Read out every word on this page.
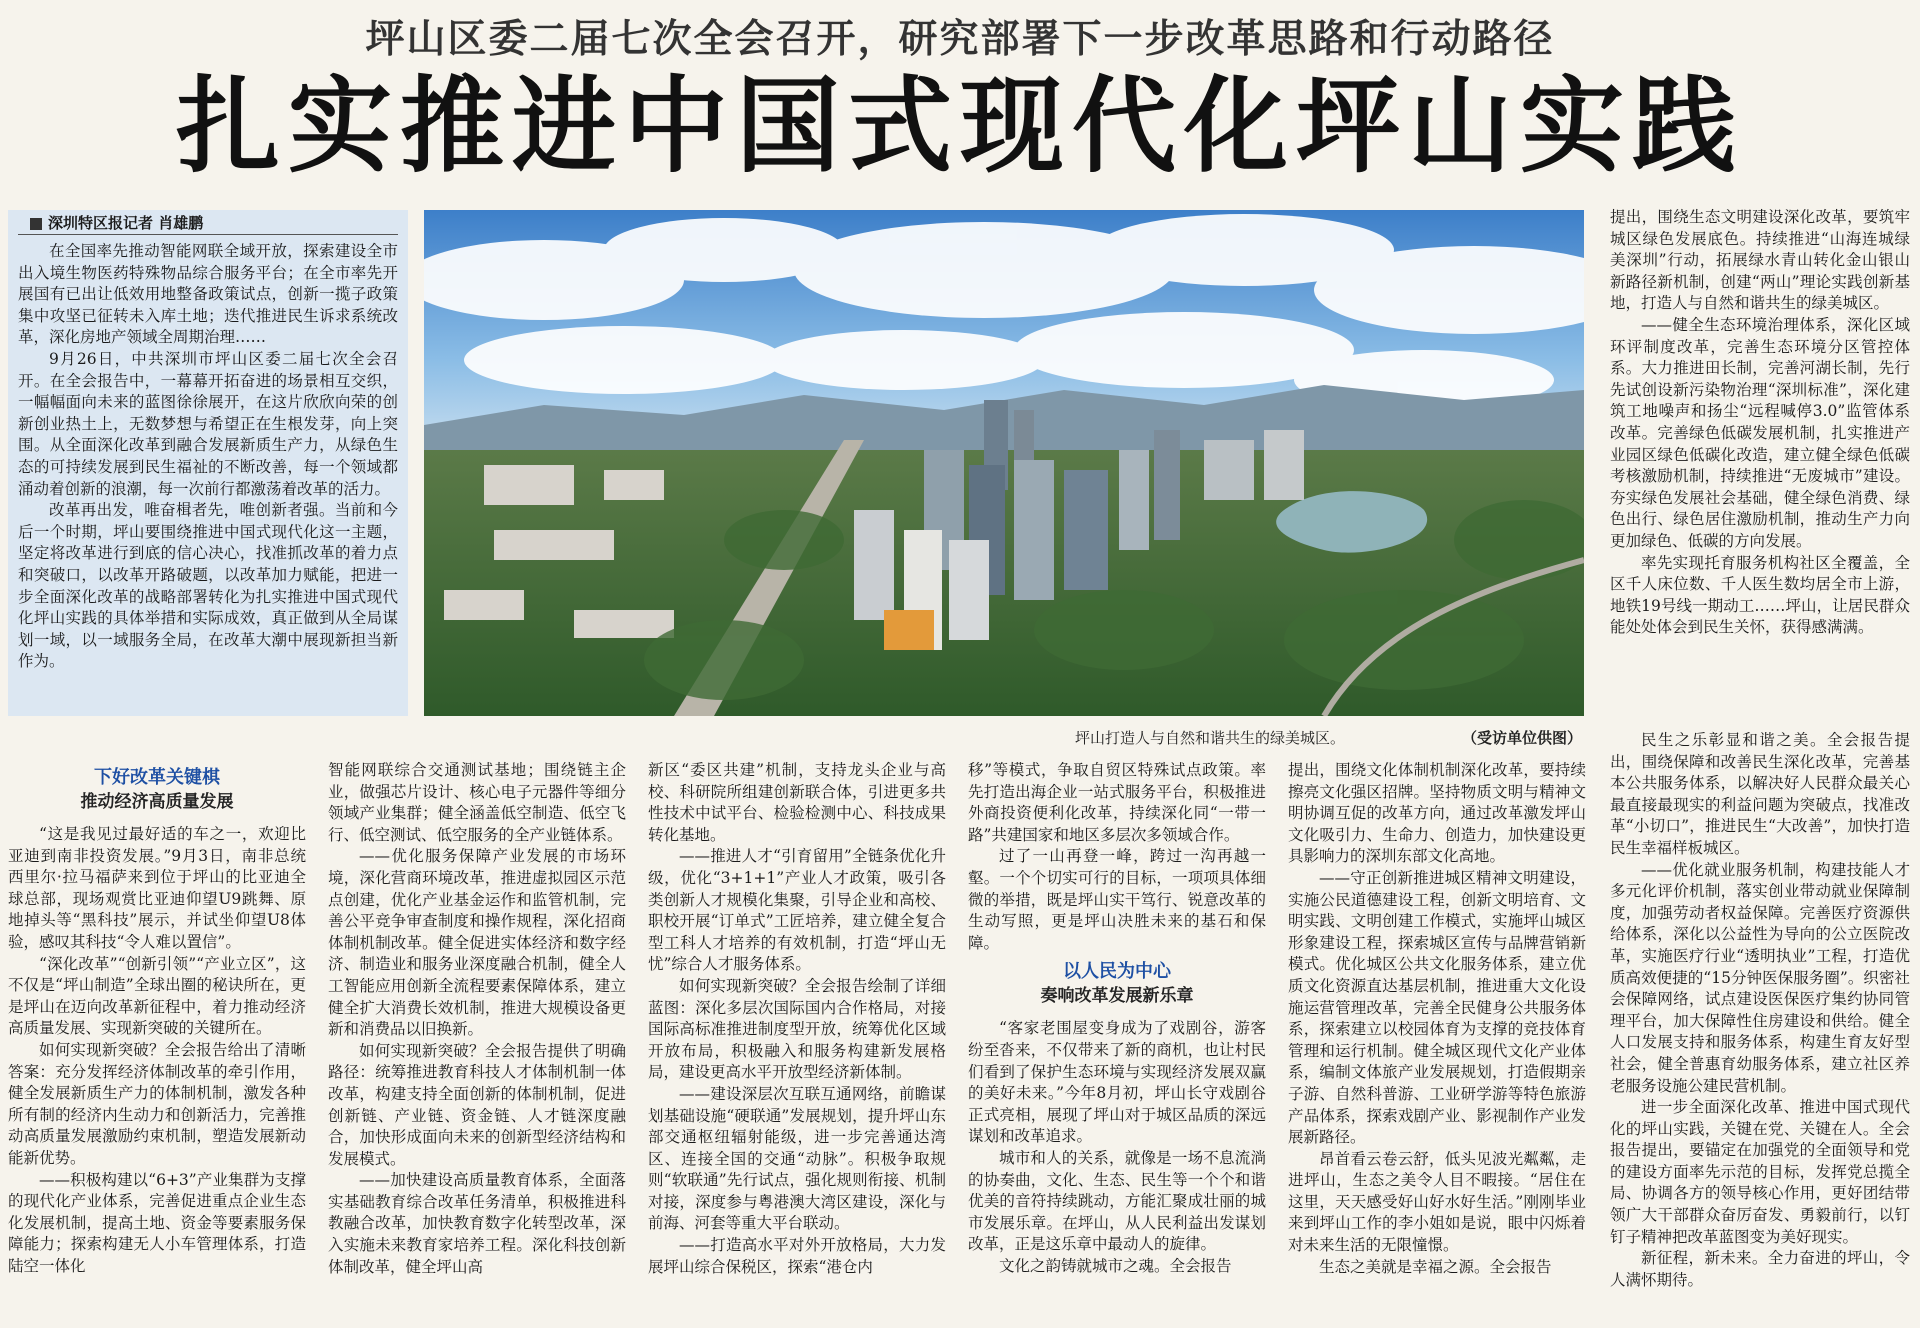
坪山区委二届七次全会召开，研究部署下一步改革思路和行动路径
扎实推进中国式现代化坪山实践
深圳特区报记者 肖雄鹏

在全国率先推动智能网联全域开放，探索建设全市出入境生物医药特殊物品综合服务平台；在全市率先开展国有已出让低效用地整备政策试点，创新一揽子政策集中攻坚已征转未入库土地；迭代推进民生诉求系统改革，深化房地产领域全周期治理……

9月26日，中共深圳市坪山区委二届七次全会召开。在全会报告中，一幕幕开拓奋进的场景相互交织，一幅幅面向未来的蓝图徐徐展开，在这片欣欣向荣的创新创业热土上，无数梦想与希望正在生根发芽，向上突围。从全面深化改革到融合发展新质生产力，从绿色生态的可持续发展到民生福祉的不断改善，每一个领域都涌动着创新的浪潮，每一次前行都激荡着改革的活力。

改革再出发，唯奋楫者先，唯创新者强。当前和今后一个时期，坪山要围绕推进中国式现代化这一主题，坚定将改革进行到底的信心决心，找准抓改革的着力点和突破口，以改革开路破题，以改革加力赋能，把进一步全面深化改革的战略部署转化为扎实推进中国式现代化坪山实践的具体举措和实际成效，真正做到从全局谋划一域，以一域服务全局，在改革大潮中展现新担当新作为。

坪山打造人与自然和谐共生的绿美城区。	（受访单位供图）

提出，围绕生态文明建设深化改革，要筑牢城区绿色发展底色。持续推进“山海连城绿美深圳”行动，拓展绿水青山转化金山银山新路径新机制，创建“两山”理论实践创新基地，打造人与自然和谐共生的绿美城区。

——健全生态环境治理体系，深化区域环评制度改革，完善生态环境分区管控体系。大力推进田长制，完善河湖长制，先行先试创设新污染物治理“深圳标准”，深化建筑工地噪声和扬尘“远程喊停3.0”监管体系改革。完善绿色低碳发展机制，扎实推进产业园区绿色低碳化改造，建立健全绿色低碳考核激励机制，持续推进“无废城市”建设。夯实绿色发展社会基础，健全绿色消费、绿色出行、绿色居住激励机制，推动生产力向更加绿色、低碳的方向发展。

率先实现托育服务机构社区全覆盖，全区千人床位数、千人医生数均居全市上游，地铁19号线一期动工……坪山，让居民群众能处处体会到民生关怀，获得感满满。

下好改革关键棋
推动经济高质量发展

“这是我见过最好适的车之一，欢迎比亚迪到南非投资发展。”9月3日，南非总统西里尔·拉马福萨来到位于坪山的比亚迪全球总部，现场观赏比亚迪仰望U9跳舞、原地掉头等“黑科技”展示，并试坐仰望U8体验，感叹其科技“令人难以置信”。

“深化改革”“创新引领”“产业立区”，这不仅是“坪山制造”全球出圈的秘诀所在，更是坪山在迈向改革新征程中，着力推动经济高质量发展、实现新突破的关键所在。

如何实现新突破？全会报告给出了清晰答案：充分发挥经济体制改革的牵引作用，健全发展新质生产力的体制机制，激发各种所有制的经济内生动力和创新活力，完善推动高质量发展激励约束机制，塑造发展新动能新优势。

——积极构建以“6+3”产业集群为支撑的现代化产业体系，完善促进重点企业生态化发展机制，提高土地、资金等要素服务保障能力；探索构建无人小车管理体系，打造陆空一体化

智能网联综合交通测试基地；围绕链主企业，做强芯片设计、核心电子元器件等细分领域产业集群；健全涵盖低空制造、低空飞行、低空测试、低空服务的全产业链体系。

——优化服务保障产业发展的市场环境，深化营商环境改革，推进虚拟园区示范点创建，优化产业基金运作和监管机制，完善公平竞争审查制度和操作规程，深化招商体制机制改革。健全促进实体经济和数字经济、制造业和服务业深度融合机制，健全人工智能应用创新全流程要素保障体系，建立健全扩大消费长效机制，推进大规模设备更新和消费品以旧换新。

如何实现新突破？全会报告提供了明确路径：统筹推进教育科技人才体制机制一体改革，构建支持全面创新的体制机制，促进创新链、产业链、资金链、人才链深度融合，加快形成面向未来的创新型经济结构和发展模式。

——加快建设高质量教育体系，全面落实基础教育综合改革任务清单，积极推进科教融合改革，加快教育数字化转型改革，深入实施未来教育家培养工程。深化科技创新体制改革，健全坪山高

新区“委区共建”机制，支持龙头企业与高校、科研院所组建创新联合体，引进更多共性技术中试平台、检验检测中心、科技成果转化基地。

——推进人才“引育留用”全链条优化升级，优化“3+1+1”产业人才政策，吸引各类创新人才规模化集聚，引导企业和高校、职校开展“订单式”工匠培养，建立健全复合型工科人才培养的有效机制，打造“坪山无忧”综合人才服务体系。

如何实现新突破？全会报告绘制了详细蓝图：深化多层次国际国内合作格局，对接国际高标准推进制度型开放，统筹优化区域开放布局，积极融入和服务构建新发展格局，建设更高水平开放型经济新体制。

——建设深层次互联互通网络，前瞻谋划基础设施“硬联通”发展规划，提升坪山东部交通枢纽辐射能级，进一步完善通达湾区、连接全国的交通“动脉”。积极争取规则“软联通”先行试点，强化规则衔接、机制对接，深度参与粤港澳大湾区建设，深化与前海、河套等重大平台联动。

——打造高水平对外开放格局，大力发展坪山综合保税区，探索“港仓内

移”等模式，争取自贸区特殊试点政策。率先打造出海企业一站式服务平台，积极推进外商投资便利化改革，持续深化同“一带一路”共建国家和地区多层次多领域合作。

过了一山再登一峰，跨过一沟再越一壑。一个个切实可行的目标，一项项具体细微的举措，既是坪山实干笃行、锐意改革的生动写照，更是坪山决胜未来的基石和保障。

以人民为中心
奏响改革发展新乐章

“客家老围屋变身成为了戏剧谷，游客纷至沓来，不仅带来了新的商机，也让村民们看到了保护生态环境与实现经济发展双赢的美好未来。”今年8月初，坪山长守戏剧谷正式亮相，展现了坪山对于城区品质的深远谋划和改革追求。

城市和人的关系，就像是一场不息流淌的协奏曲，文化、生态、民生等一个个和谐优美的音符持续跳动，方能汇聚成壮丽的城市发展乐章。在坪山，从人民利益出发谋划改革，正是这乐章中最动人的旋律。

文化之韵铸就城市之魂。全会报告

提出，围绕文化体制机制深化改革，要持续擦亮文化强区招牌。坚持物质文明与精神文明协调互促的改革方向，通过改革激发坪山文化吸引力、生命力、创造力，加快建设更具影响力的深圳东部文化高地。

——守正创新推进城区精神文明建设，实施公民道德建设工程，创新文明培育、文明实践、文明创建工作模式，实施坪山城区形象建设工程，探索城区宣传与品牌营销新模式。优化城区公共文化服务体系，建立优质文化资源直达基层机制，推进重大文化设施运营管理改革，完善全民健身公共服务体系，探索建立以校园体育为支撑的竞技体育管理和运行机制。健全城区现代文化产业体系，编制文体旅产业发展规划，打造假期亲子游、自然科普游、工业研学游等特色旅游产品体系，探索戏剧产业、影视制作产业发展新路径。

昂首看云卷云舒，低头见波光粼粼，走进坪山，生态之美令人目不暇接。“居住在这里，天天感受好山好水好生活。”刚刚毕业来到坪山工作的李小姐如是说，眼中闪烁着对未来生活的无限憧憬。

生态之美就是幸福之源。全会报告

民生之乐彰显和谐之美。全会报告提出，围绕保障和改善民生深化改革，完善基本公共服务体系，以解决好人民群众最关心最直接最现实的利益问题为突破点，找准改革“小切口”，推进民生“大改善”，加快打造民生幸福样板城区。

——优化就业服务机制，构建技能人才多元化评价机制，落实创业带动就业保障制度，加强劳动者权益保障。完善医疗资源供给体系，深化以公益性为导向的公立医院改革，实施医疗行业“透明执业”工程，打造优质高效便捷的“15分钟医保服务圈”。织密社会保障网络，试点建设医保医疗集约协同管理平台，加大保障性住房建设和供给。健全人口发展支持和服务体系，构建生育友好型社会，健全普惠育幼服务体系，建立社区养老服务设施公建民营机制。

进一步全面深化改革、推进中国式现代化的坪山实践，关键在党、关键在人。全会报告提出，要锚定在加强党的全面领导和党的建设方面率先示范的目标，发挥党总揽全局、协调各方的领导核心作用，更好团结带领广大干部群众奋厉奋发、勇毅前行，以钉钉子精神把改革蓝图变为美好现实。

新征程，新未来。全力奋进的坪山，令人满怀期待。
